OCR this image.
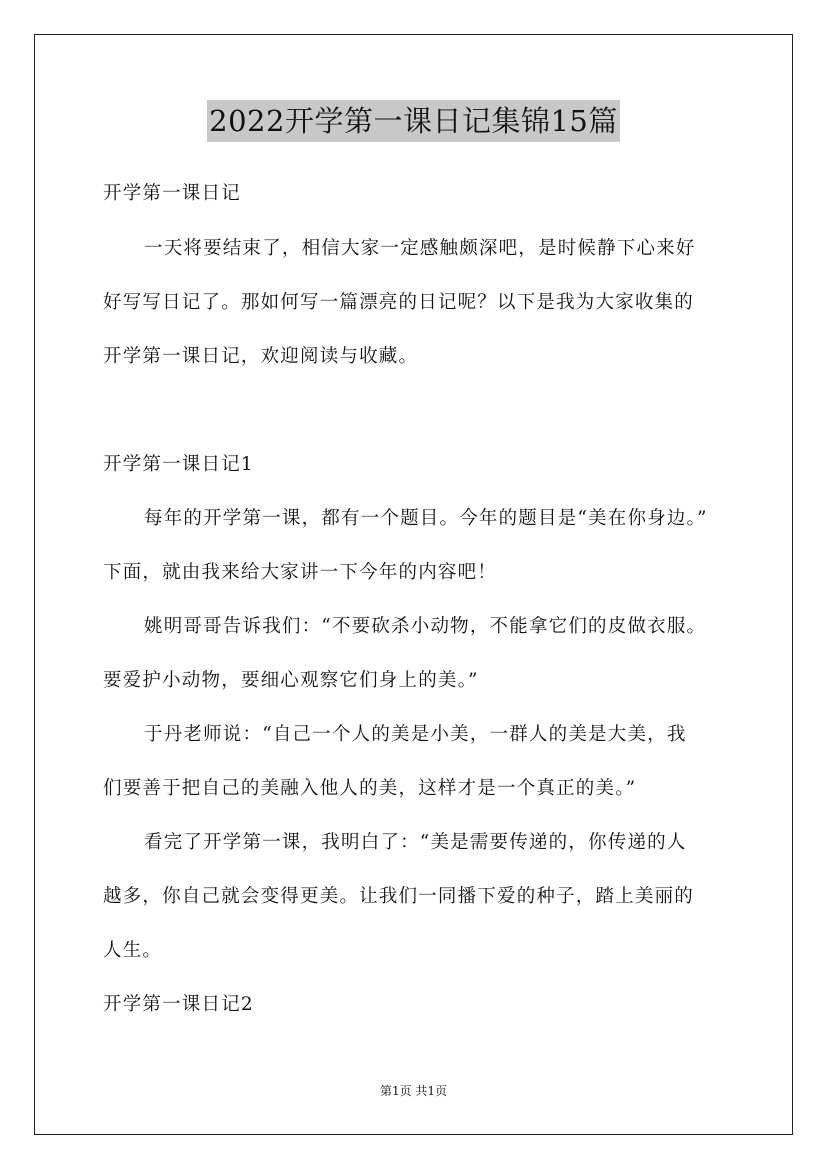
2022开学第一课日记集锦15篇
开学第一课日记
一天将要结束了，相信大家一定感触颇深吧，是时候静下心来好
好写写日记了。那如何写一篇漂亮的日记呢？以下是我为大家收集的
开学第一课日记，欢迎阅读与收藏。
开学第一课日记1
每年的开学第一课，都有一个题目。今年的题目是“美在你身边。”
下面，就由我来给大家讲一下今年的内容吧！
姚明哥哥告诉我们：“不要砍杀小动物，不能拿它们的皮做衣服。
要爱护小动物，要细心观察它们身上的美。”
于丹老师说：“自己一个人的美是小美，一群人的美是大美，我
们要善于把自己的美融入他人的美，这样才是一个真正的美。”
看完了开学第一课，我明白了：“美是需要传递的，你传递的人
越多，你自己就会变得更美。让我们一同播下爱的种子，踏上美丽的
人生。
开学第一课日记2
第1页 共1页
